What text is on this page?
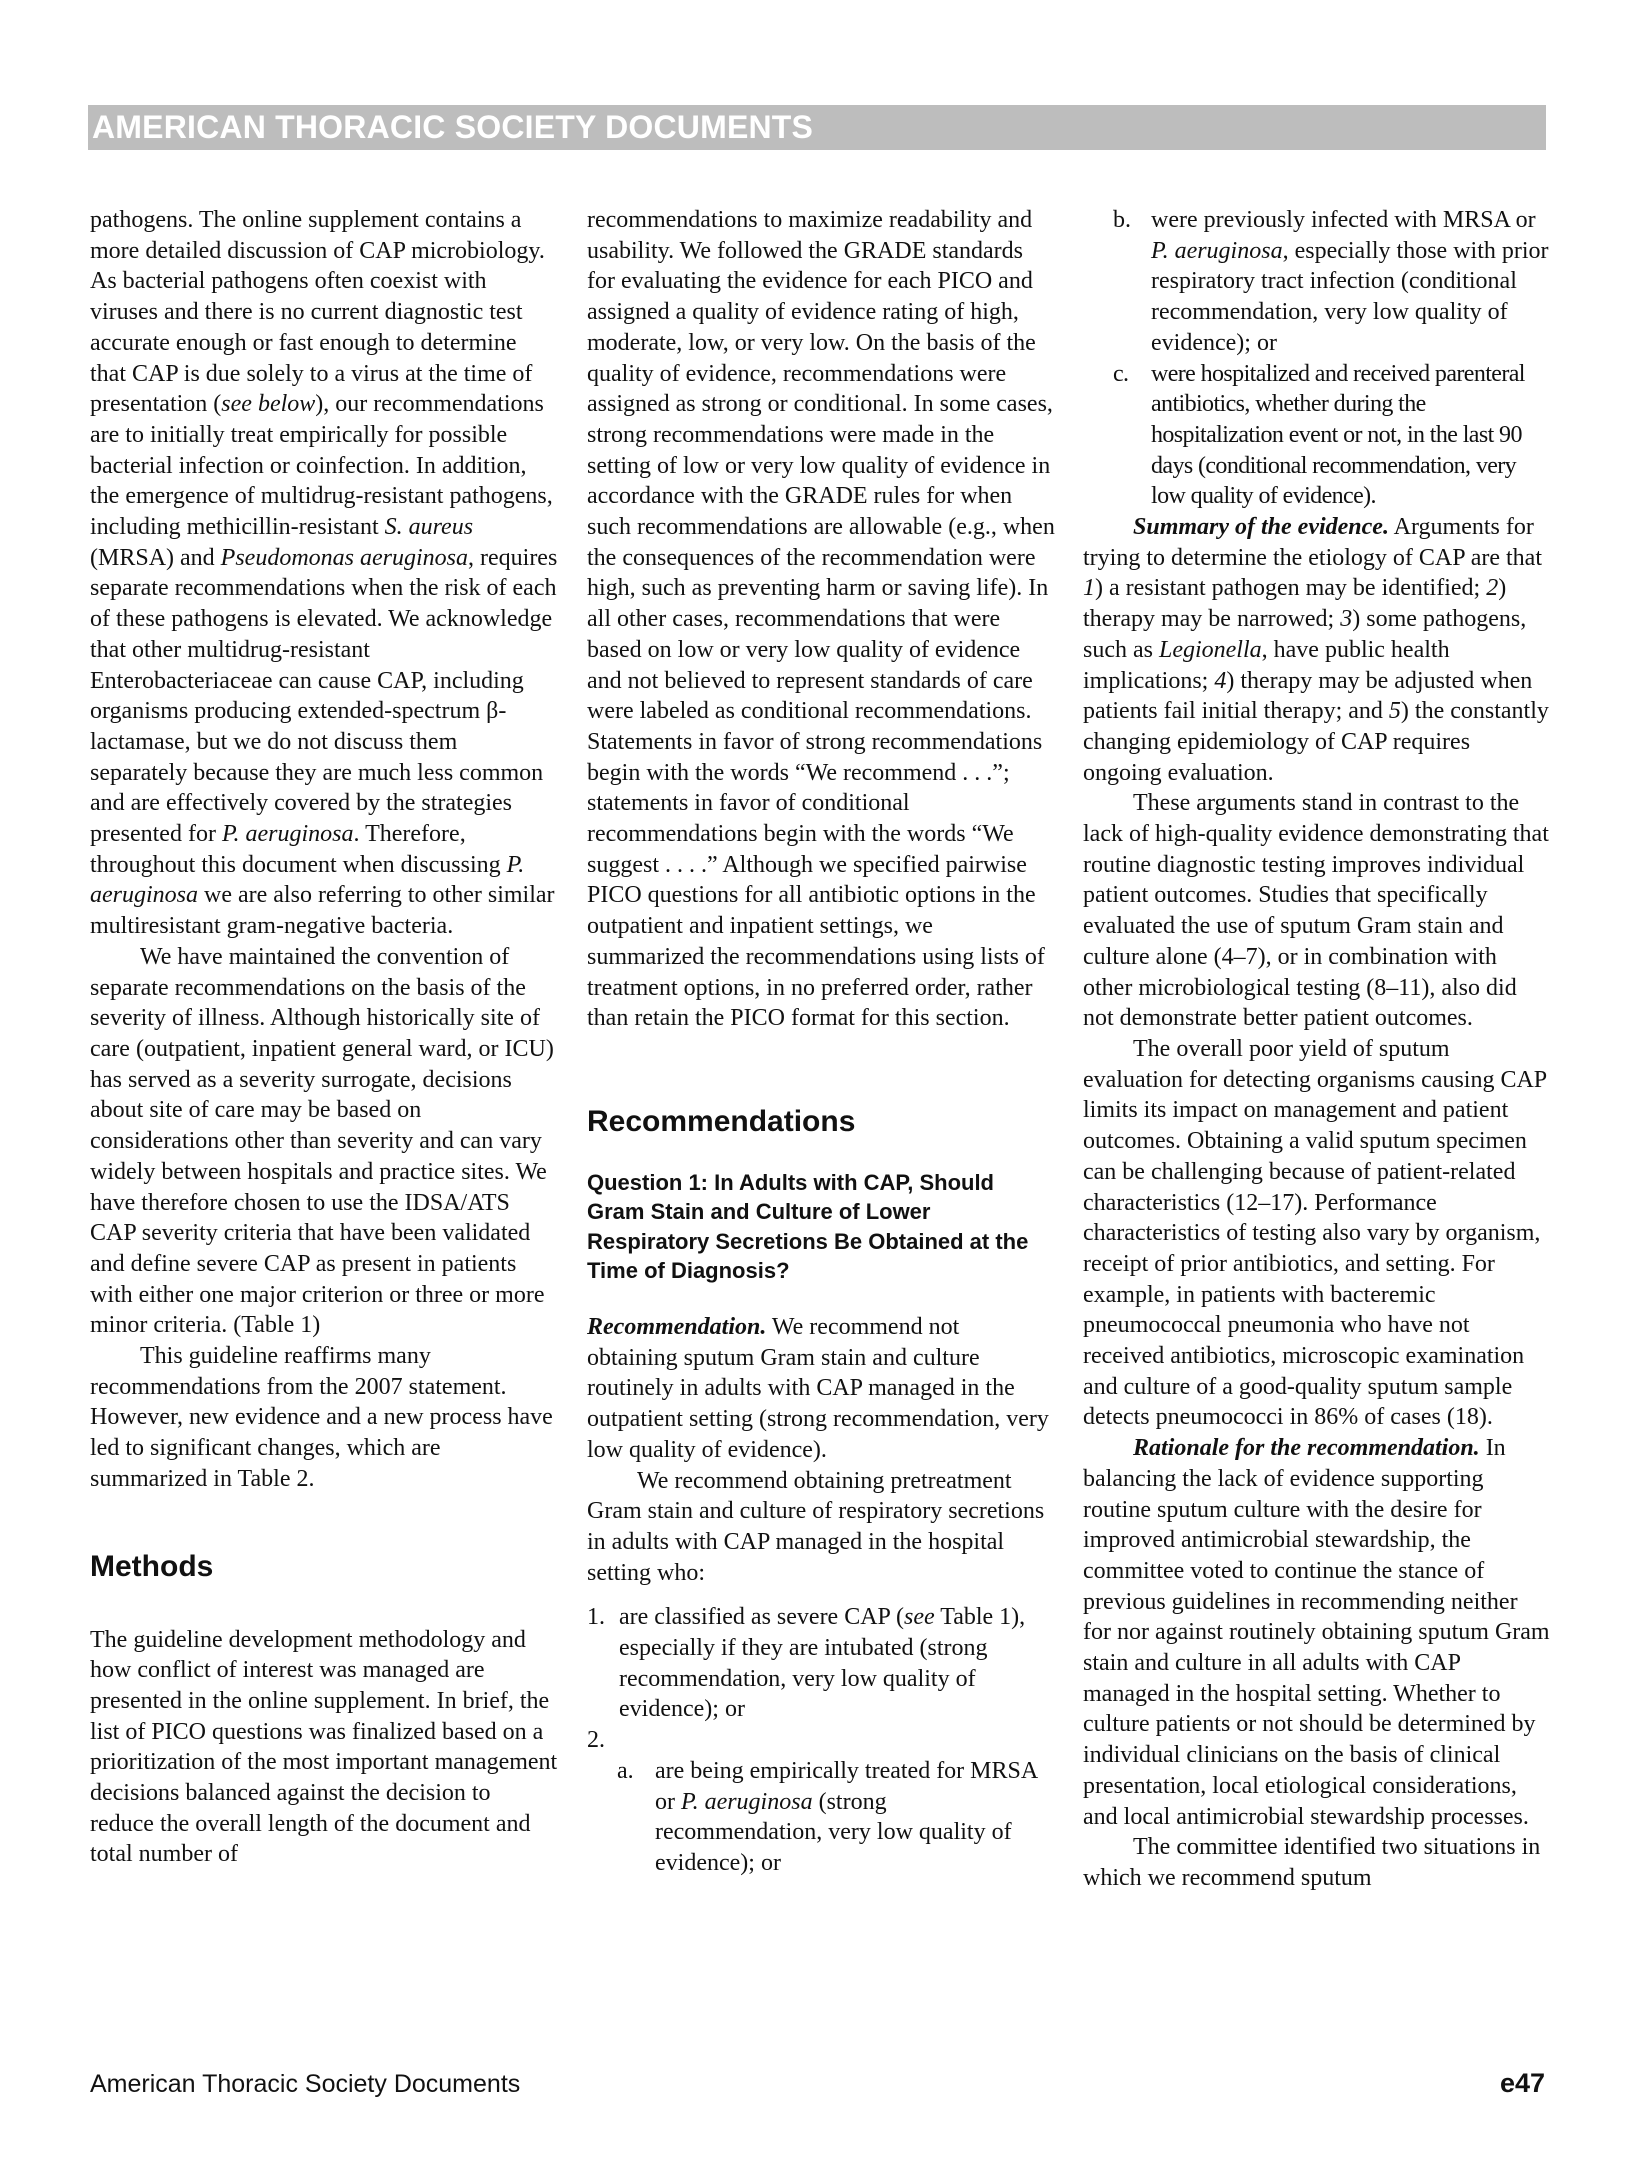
AMERICAN THORACIC SOCIETY DOCUMENTS

pathogens. The online supplement contains a more detailed discussion of CAP microbiology. As bacterial pathogens often coexist with viruses and there is no current diagnostic test accurate enough or fast enough to determine that CAP is due solely to a virus at the time of presentation (see below), our recommendations are to initially treat empirically for possible bacterial infection or coinfection. In addition, the emergence of multidrug-resistant pathogens, including methicillin-resistant S. aureus (MRSA) and Pseudomonas aeruginosa, requires separate recommendations when the risk of each of these pathogens is elevated. We acknowledge that other multidrug-resistant Enterobacteriaceae can cause CAP, including organisms producing extended-spectrum β-lactamase, but we do not discuss them separately because they are much less common and are effectively covered by the strategies presented for P. aeruginosa. Therefore, throughout this document when discussing P. aeruginosa we are also referring to other similar multiresistant gram-negative bacteria.

We have maintained the convention of separate recommendations on the basis of the severity of illness. Although historically site of care (outpatient, inpatient general ward, or ICU) has served as a severity surrogate, decisions about site of care may be based on considerations other than severity and can vary widely between hospitals and practice sites. We have therefore chosen to use the IDSA/ATS CAP severity criteria that have been validated and define severe CAP as present in patients with either one major criterion or three or more minor criteria. (Table 1)

This guideline reaffirms many recommendations from the 2007 statement. However, new evidence and a new process have led to significant changes, which are summarized in Table 2.

Methods

The guideline development methodology and how conflict of interest was managed are presented in the online supplement. In brief, the list of PICO questions was finalized based on a prioritization of the most important management decisions balanced against the decision to reduce the overall length of the document and total number of

recommendations to maximize readability and usability. We followed the GRADE standards for evaluating the evidence for each PICO and assigned a quality of evidence rating of high, moderate, low, or very low. On the basis of the quality of evidence, recommendations were assigned as strong or conditional. In some cases, strong recommendations were made in the setting of low or very low quality of evidence in accordance with the GRADE rules for when such recommendations are allowable (e.g., when the consequences of the recommendation were high, such as preventing harm or saving life). In all other cases, recommendations that were based on low or very low quality of evidence and not believed to represent standards of care were labeled as conditional recommendations. Statements in favor of strong recommendations begin with the words “We recommend . . .”; statements in favor of conditional recommendations begin with the words “We suggest . . . .” Although we specified pairwise PICO questions for all antibiotic options in the outpatient and inpatient settings, we summarized the recommendations using lists of treatment options, in no preferred order, rather than retain the PICO format for this section.

Recommendations
Question 1: In Adults with CAP, Should Gram Stain and Culture of Lower Respiratory Secretions Be Obtained at the Time of Diagnosis?

Recommendation. We recommend not obtaining sputum Gram stain and culture routinely in adults with CAP managed in the outpatient setting (strong recommendation, very low quality of evidence).

We recommend obtaining pretreatment Gram stain and culture of respiratory secretions in adults with CAP managed in the hospital setting who:

1. are classified as severe CAP (see Table 1), especially if they are intubated (strong recommendation, very low quality of evidence); or
2.

a. are being empirically treated for MRSA or P. aeruginosa (strong recommendation, very low quality of evidence); or
b. were previously infected with MRSA or P. aeruginosa, especially those with prior respiratory tract infection (conditional recommendation, very low quality of evidence); or
c. were hospitalized and received parenteral antibiotics, whether during the hospitalization event or not, in the last 90 days (conditional recommendation, very low quality of evidence).

Summary of the evidence. Arguments for trying to determine the etiology of CAP are that 1) a resistant pathogen may be identified; 2) therapy may be narrowed; 3) some pathogens, such as Legionella, have public health implications; 4) therapy may be adjusted when patients fail initial therapy; and 5) the constantly changing epidemiology of CAP requires ongoing evaluation.

These arguments stand in contrast to the lack of high-quality evidence demonstrating that routine diagnostic testing improves individual patient outcomes. Studies that specifically evaluated the use of sputum Gram stain and culture alone (4–7), or in combination with other microbiological testing (8–11), also did not demonstrate better patient outcomes.

The overall poor yield of sputum evaluation for detecting organisms causing CAP limits its impact on management and patient outcomes. Obtaining a valid sputum specimen can be challenging because of patient-related characteristics (12–17). Performance characteristics of testing also vary by organism, receipt of prior antibiotics, and setting. For example, in patients with bacteremic pneumococcal pneumonia who have not received antibiotics, microscopic examination and culture of a good-quality sputum sample detects pneumococci in 86% of cases (18).

Rationale for the recommendation. In balancing the lack of evidence supporting routine sputum culture with the desire for improved antimicrobial stewardship, the committee voted to continue the stance of previous guidelines in recommending neither for nor against routinely obtaining sputum Gram stain and culture in all adults with CAP managed in the hospital setting. Whether to culture patients or not should be determined by individual clinicians on the basis of clinical presentation, local etiological considerations, and local antimicrobial stewardship processes.

The committee identified two situations in which we recommend sputum

American Thoracic Society Documents	e47
